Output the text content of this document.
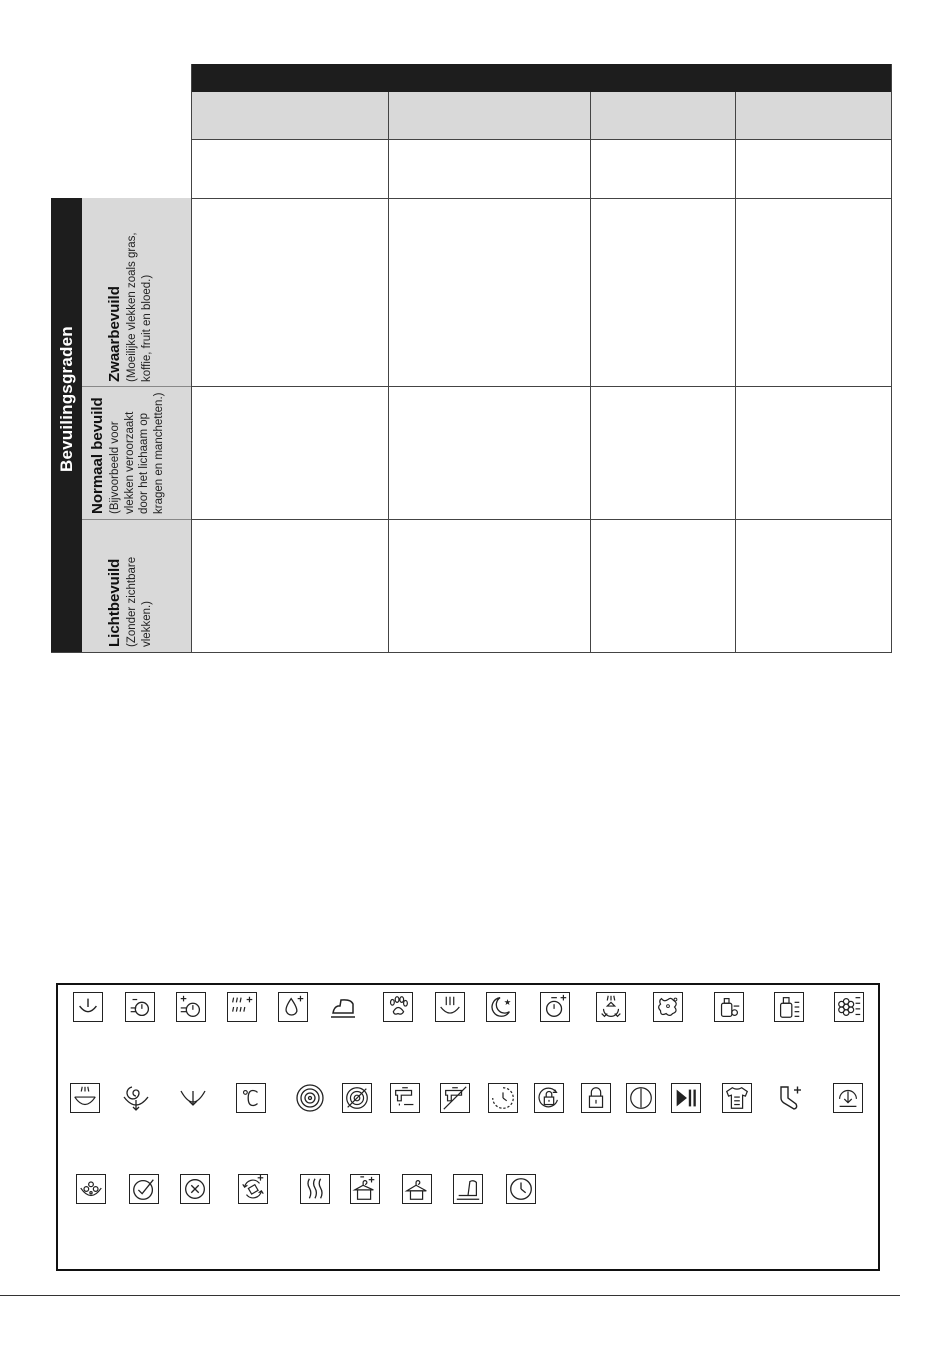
Bevuilingsgraden Zwaarbevuild (Moeilijke vlekken zoals gras,
koffie, fruit en bloed.)
Normaal bevuild (Bijvoorbeeld voor
vlekken veroorzaakt
door het lichaam op
kragen en manchetten.)
Lichtbevuild (Zonder zichtbare
vlekken.)
★
